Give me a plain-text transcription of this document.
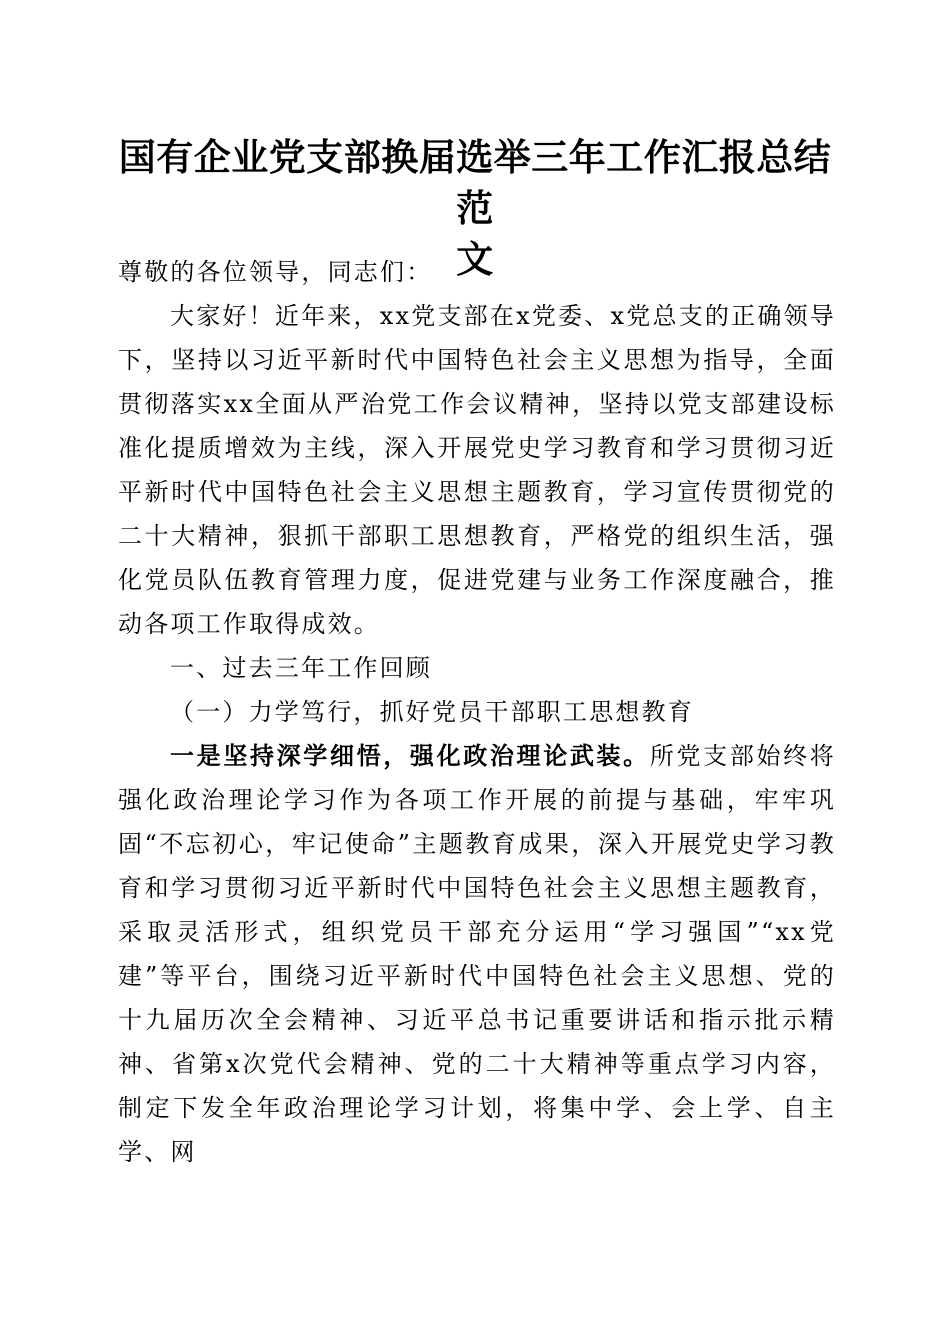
国有企业党支部换届选举三年工作汇报总结范
文

尊敬的各位领导，同志们：

大家好！近年来，xx党支部在x党委、x党总支的正确领导下，坚持以习近平新时代中国特色社会主义思想为指导，全面贯彻落实xx全面从严治党工作会议精神，坚持以党支部建设标准化提质增效为主线，深入开展党史学习教育和学习贯彻习近平新时代中国特色社会主义思想主题教育，学习宣传贯彻党的二十大精神，狠抓干部职工思想教育，严格党的组织生活，强化党员队伍教育管理力度，促进党建与业务工作深度融合，推动各项工作取得成效。

一、过去三年工作回顾

（一）力学笃行，抓好党员干部职工思想教育

一是坚持深学细悟，强化政治理论武装。所党支部始终将强化政治理论学习作为各项工作开展的前提与基础，牢牢巩固“不忘初心，牢记使命”主题教育成果，深入开展党史学习教育和学习贯彻习近平新时代中国特色社会主义思想主题教育，采取灵活形式，组织党员干部充分运用“学习强国”“xx党建”等平台，围绕习近平新时代中国特色社会主义思想、党的十九届历次全会精神、习近平总书记重要讲话和指示批示精神、省第x次党代会精神、党的二十大精神等重点学习内容，制定下发全年政治理论学习计划，将集中学、会上学、自主学、网
